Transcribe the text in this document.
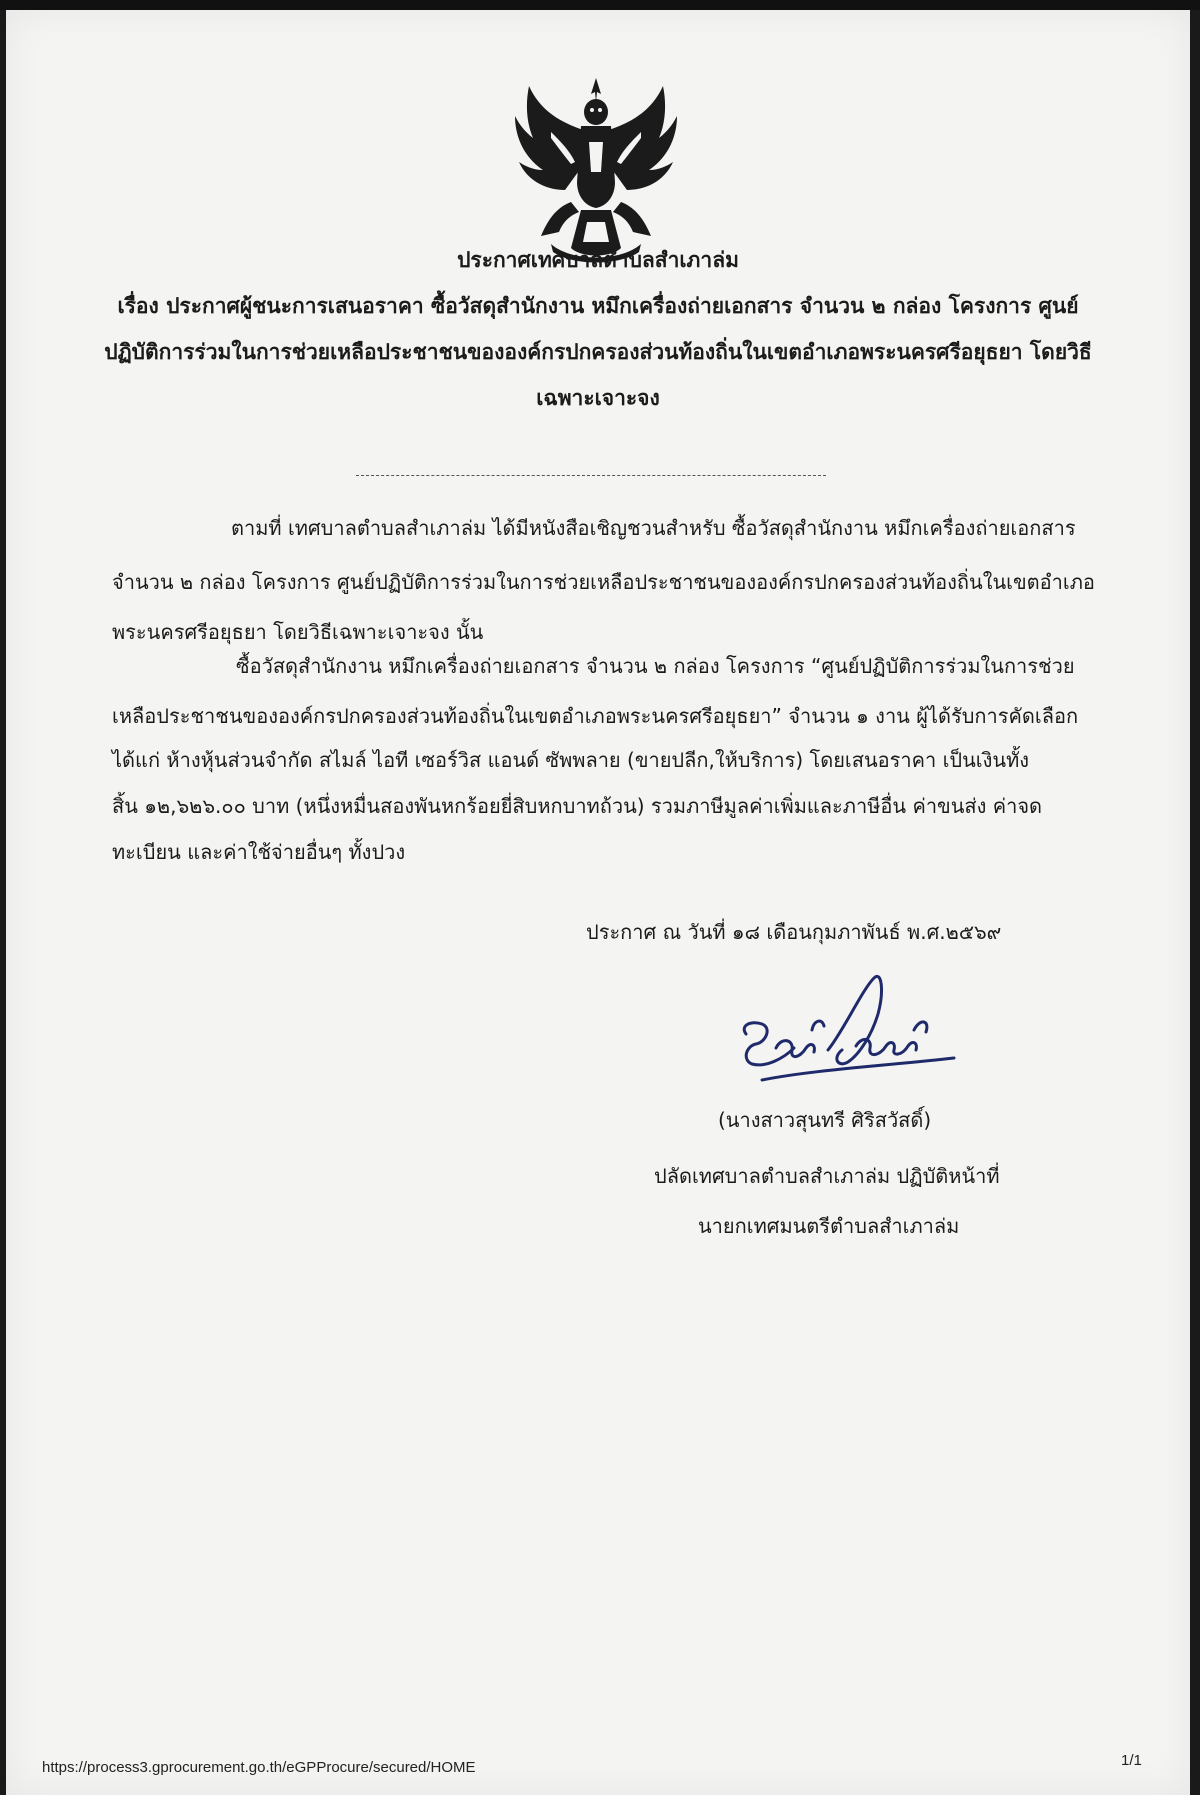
ประกาศเทศบาลตำบลสำเภาล่ม
เรื่อง ประกาศผู้ชนะการเสนอราคา ซื้อวัสดุสำนักงาน หมึกเครื่องถ่ายเอกสาร จำนวน ๒ กล่อง โครงการ ศูนย์
ปฏิบัติการร่วมในการช่วยเหลือประชาชนขององค์กรปกครองส่วนท้องถิ่นในเขตอำเภอพระนครศรีอยุธยา โดยวิธี
เฉพาะเจาะจง
ตามที่ เทศบาลตำบลสำเภาล่ม ได้มีหนังสือเชิญชวนสำหรับ ซื้อวัสดุสำนักงาน หมึกเครื่องถ่ายเอกสาร
จำนวน ๒ กล่อง โครงการ ศูนย์ปฏิบัติการร่วมในการช่วยเหลือประชาชนขององค์กรปกครองส่วนท้องถิ่นในเขตอำเภอ
พระนครศรีอยุธยา โดยวิธีเฉพาะเจาะจง นั้น
ซื้อวัสดุสำนักงาน หมึกเครื่องถ่ายเอกสาร จำนวน ๒ กล่อง โครงการ “ศูนย์ปฏิบัติการร่วมในการช่วย
เหลือประชาชนขององค์กรปกครองส่วนท้องถิ่นในเขตอำเภอพระนครศรีอยุธยา” จำนวน ๑ งาน ผู้ได้รับการคัดเลือก
ได้แก่ ห้างหุ้นส่วนจำกัด สไมล์ ไอที เซอร์วิส แอนด์ ซัพพลาย (ขายปลีก,ให้บริการ) โดยเสนอราคา เป็นเงินทั้ง
สิ้น ๑๒,๖๒๖.๐๐ บาท (หนึ่งหมื่นสองพันหกร้อยยี่สิบหกบาทถ้วน) รวมภาษีมูลค่าเพิ่มและภาษีอื่น ค่าขนส่ง ค่าจด
ทะเบียน และค่าใช้จ่ายอื่นๆ ทั้งปวง
ประกาศ ณ วันที่ ๑๘ เดือนกุมภาพันธ์ พ.ศ.๒๕๖๙
(นางสาวสุนทรี ศิริสวัสดิ์)
ปลัดเทศบาลตำบลสำเภาล่ม ปฏิบัติหน้าที่
นายกเทศมนตรีตำบลสำเภาล่ม
https://process3.gprocurement.go.th/eGPProcure/secured/HOME	1/1
